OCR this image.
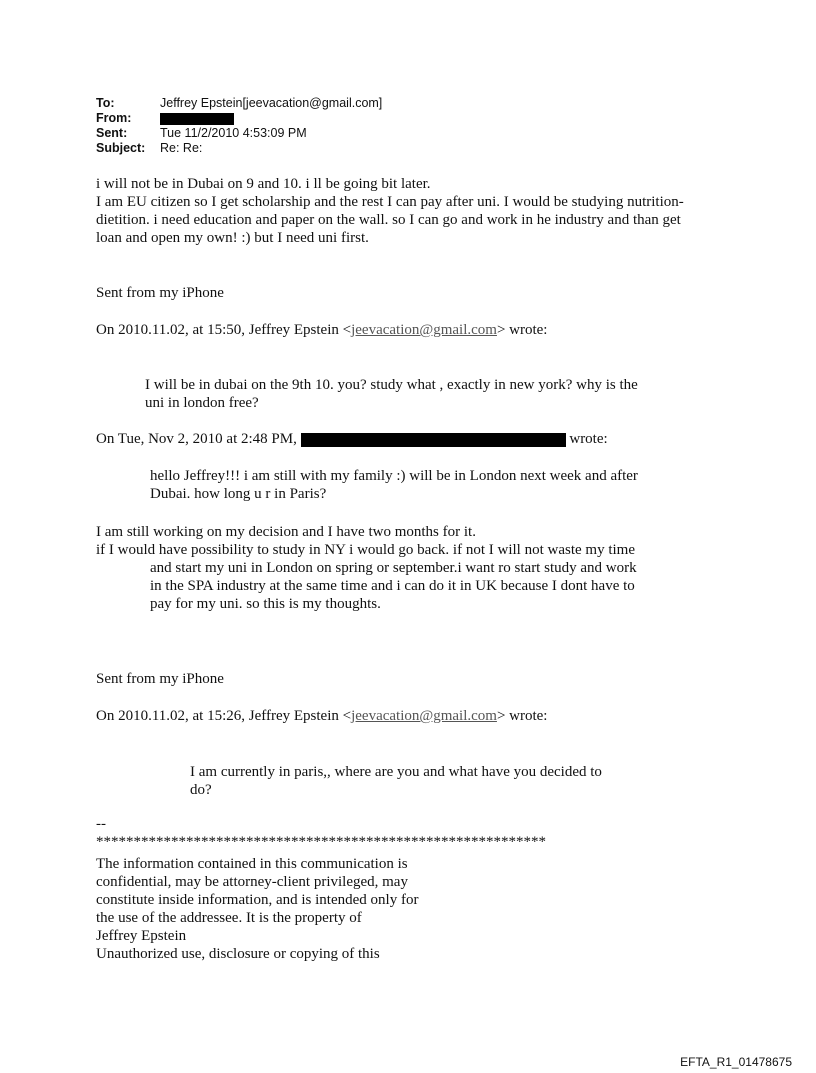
To:	Jeffrey Epstein[jeevacation@gmail.com]
From:
Sent:	Tue 11/2/2010 4:53:09 PM
Subject: Re: Re:
i will not be in Dubai on 9 and 10. i ll be going bit later.
I am EU citizen so I get scholarship and the rest I can pay after uni. I would be studying nutrition-
dietition. i need education and paper on the wall. so I can go and work in he industry and than get
loan and open my own! :) but I need uni first.
Sent from my iPhone
On 2010.11.02, at 15:50, Jeffrey Epstein <jeevacation@gmail.com> wrote:
I will be in dubai on the 9th 10. you? study what , exactly in new york? why is the
uni in london free?
On Tue, Nov 2, 2010 at 2:48 PM,	wrote:
hello Jeffrey!!! i am still with my family :) will be in London next week and after
Dubai. how long u r in Paris?
I am still working on my decision and I have two months for it.
if I would have possibility to study in NY i would go back. if not I will not waste my time
and start my uni in London on spring or september.i want ro start study and work
in the SPA industry at the same time and i can do it in UK because I dont have to
pay for my uni. so this is my thoughts.
Sent from my iPhone
On 2010.11.02, at 15:26, Jeffrey Epstein <jeevacation@gmail.com> wrote:
I am currently in paris,, where are you and what have you decided to
do?
--
************************************************************
The information contained in this communication is
confidential, may be attorney-client privileged, may
constitute inside information, and is intended only for
the use of the addressee. It is the property of
Jeffrey Epstein
Unauthorized use, disclosure or copying of this
EFTA_R1_01478675
